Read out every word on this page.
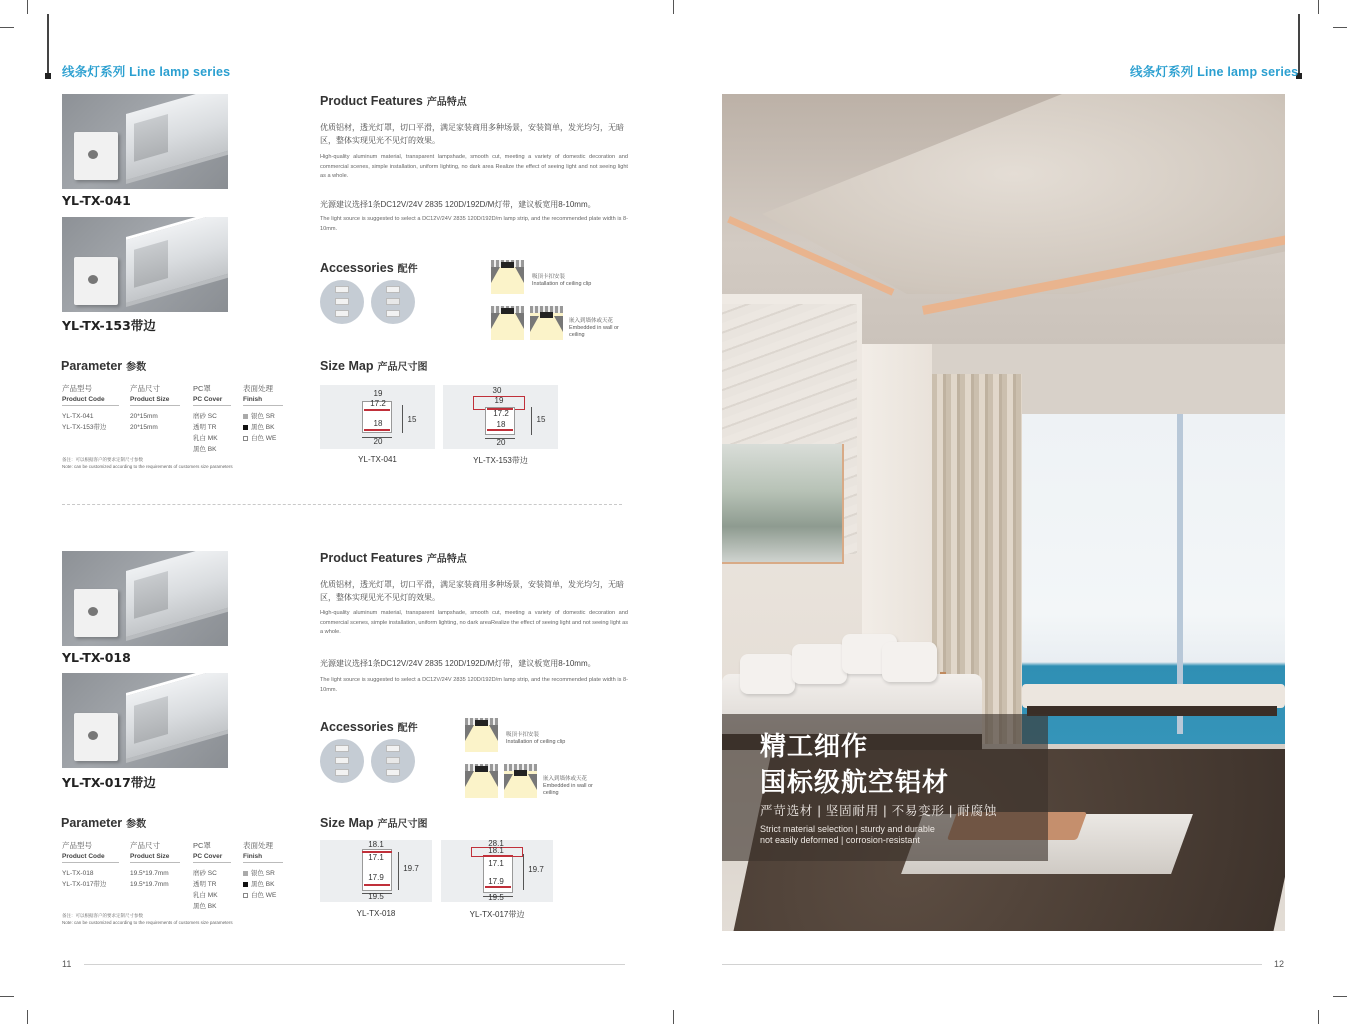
线条灯系列 Line lamp series	线条灯系列 Line lamp series
YL-TX-041
YL-TX-153带边
Product Features 产品特点
优质铝材，透光灯罩，切口平滑，满足家装商用多种场景，安装简单，发光均匀，无暗区，整体实现见光不见灯的效果。
High-quality aluminum material, transparent lampshade, smooth cut, meeting a variety of domestic decoration and commercial scenes, simple installation, uniform lighting, no dark area Realize the effect of seeing light and not seeing light as a whole.
光源建议选择1条DC12V/24V 2835 120D/192D/M灯带，建议板宽用8-10mm。
The light source is suggested to select a DC12V/24V 2835 120D/192D/m lamp strip, and the recommended plate width is 8-10mm.
Accessories 配件
吸顶卡扣安装
Installation of ceiling clip
嵌入到墙体或天花
Embedded in wall or ceiling
Parameter 参数
产品型号
Product Code
产品尺寸
Product Size
PC罩
PC Cover
表面处理
Finish
YL-TX-041
YL-TX-153带边
20*15mm
20*15mm
磨砂 SC
透明 TR
乳白 MK
黑色 BK
银色 SR
黑色 BK
白色 WE
备注：可以根据客户的要求定制尺寸参数
Note: can be customized according to the requirements of customers size parameters
Size Map 产品尺寸图
19
17.2
18
20
15
YL-TX-041
30
19
17.2
18
20
15
YL-TX-153带边
YL-TX-018
YL-TX-017带边
Product Features 产品特点
优质铝材，透光灯罩，切口平滑，满足家装商用多种场景，安装简单，发光均匀，无暗区，整体实现见光不见灯的效果。
High-quality aluminum material, transparent lampshade, smooth cut, meeting a variety of domestic decoration and commercial scenes, simple installation, uniform lighting, no dark areaRealize the effect of seeing light and not seeing light as a whole.
光源建议选择1条DC12V/24V 2835 120D/192D/M灯带，建议板宽用8-10mm。
The light source is suggested to select a DC12V/24V 2835 120D/192D/m lamp strip, and the recommended plate width is 8-10mm.
Accessories 配件
吸顶卡扣安装
Installation of ceiling clip
嵌入到墙体或天花
Embedded in wall or ceiling
Parameter 参数
产品型号
Product Code
产品尺寸
Product Size
PC罩
PC Cover
表面处理
Finish
YL-TX-018
YL-TX-017带边
19.5*19.7mm
19.5*19.7mm
磨砂 SC
透明 TR
乳白 MK
黑色 BK
银色 SR
黑色 BK
白色 WE
备注：可以根据客户的要求定制尺寸参数
Note: can be customized according to the requirements of customers size parameters
Size Map 产品尺寸图
18.1
17.1
17.9
19.5
19.7
YL-TX-018
28.1
18.1
17.1
17.9
19.5
19.7
YL-TX-017带边
11
精工细作
国标级航空铝材
严苛选材 | 坚固耐用 | 不易变形 | 耐腐蚀
Strict material selection | sturdy and durable
not easily deformed | corrosion-resistant
12
